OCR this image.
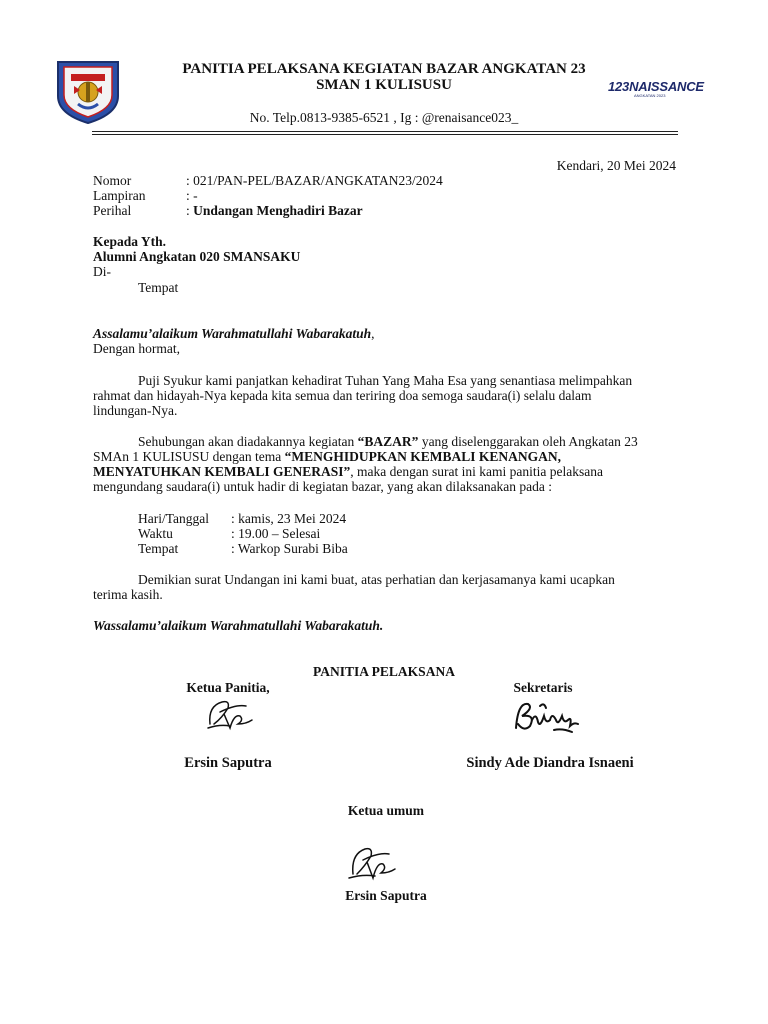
PANITIA PELAKSANA KEGIATAN BAZAR ANGKATAN 23
SMAN 1 KULISUSU	123NAISSANCE
ANGKATAN 2023
No. Telp.0813-9385-6521 , Ig : @renaisance023_
Kendari, 20 Mei 2024
Nomor	: 021/PAN-PEL/BAZAR/ANGKATAN23/2024
Lampiran	: -
Perihal	: Undangan Menghadiri Bazar
Kepada Yth.
Alumni Angkatan 020 SMANSAKU
Di-
Tempat
Assalamu’alaikum Warahmatullahi Wabarakatuh,
Dengan hormat,
Puji Syukur kami panjatkan kehadirat Tuhan Yang Maha Esa yang senantiasa melimpahkan
rahmat dan hidayah-Nya kepada kita semua dan teriring doa semoga saudara(i) selalu dalam
lindungan-Nya.
Sehubungan akan diadakannya kegiatan “BAZAR” yang diselenggarakan oleh Angkatan 23
SMAn 1 KULISUSU dengan tema “MENGHIDUPKAN KEMBALI KENANGAN,
MENYATUHKAN KEMBALI GENERASI”, maka dengan surat ini kami panitia pelaksana
mengundang saudara(i) untuk hadir di kegiatan bazar, yang akan dilaksanakan pada :
Hari/Tanggal : kamis, 23 Mei 2024
Waktu	: 19.00 – Selesai
Tempat	: Warkop Surabi Biba
Demikian surat Undangan ini kami buat, atas perhatian dan kerjasamanya kami ucapkan
terima kasih.
Wassalamu’alaikum Warahmatullahi Wabarakatuh.
PANITIA PELAKSANA
Ketua Panitia,
Ersin Saputra
Sekretaris
Sindy Ade Diandra Isnaeni
Ketua umum
Ersin Saputra
